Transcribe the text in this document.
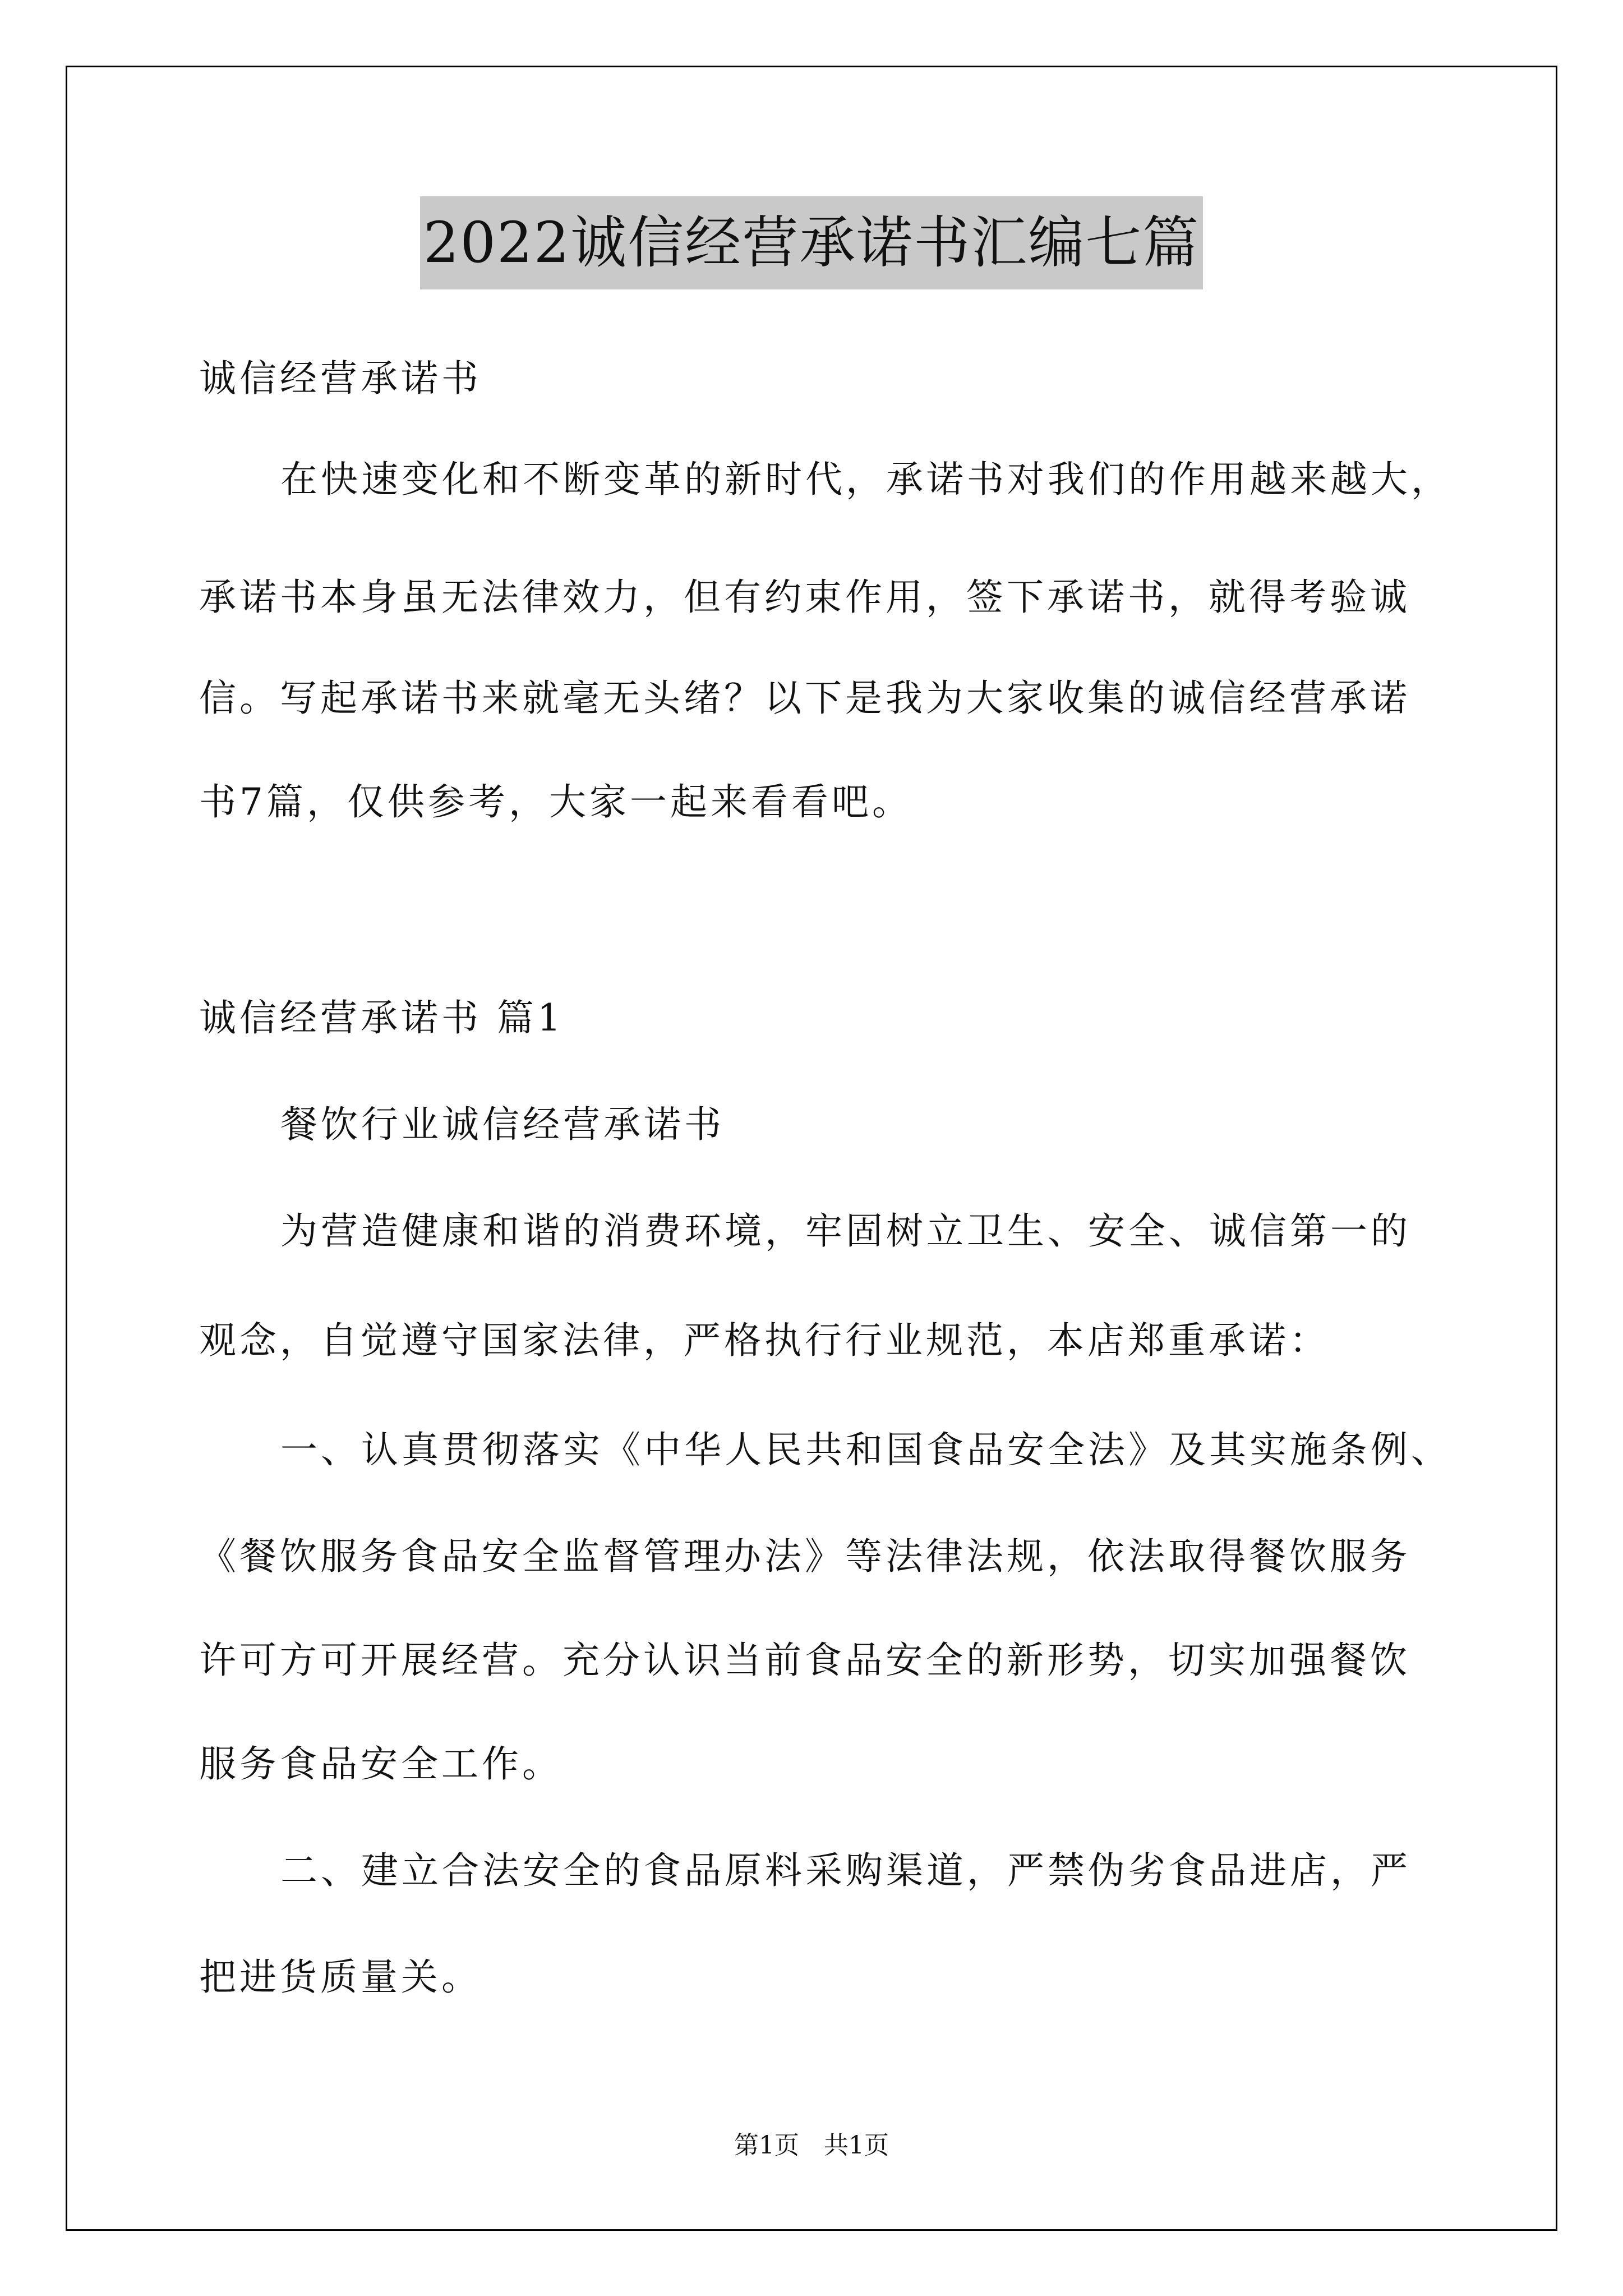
2022诚信经营承诺书汇编七篇
诚信经营承诺书
在快速变化和不断变革的新时代，承诺书对我们的作用越来越大，
承诺书本身虽无法律效力，但有约束作用，签下承诺书，就得考验诚
信。写起承诺书来就毫无头绪？以下是我为大家收集的诚信经营承诺
书7篇，仅供参考，大家一起来看看吧。
诚信经营承诺书 篇1
餐饮行业诚信经营承诺书
为营造健康和谐的消费环境，牢固树立卫生、安全、诚信第一的
观念，自觉遵守国家法律，严格执行行业规范，本店郑重承诺：
一、认真贯彻落实《中华人民共和国食品安全法》及其实施条例、
《餐饮服务食品安全监督管理办法》等法律法规，依法取得餐饮服务
许可方可开展经营。充分认识当前食品安全的新形势，切实加强餐饮
服务食品安全工作。
二、建立合法安全的食品原料采购渠道，严禁伪劣食品进店，严
把进货质量关。
第1页　共1页
